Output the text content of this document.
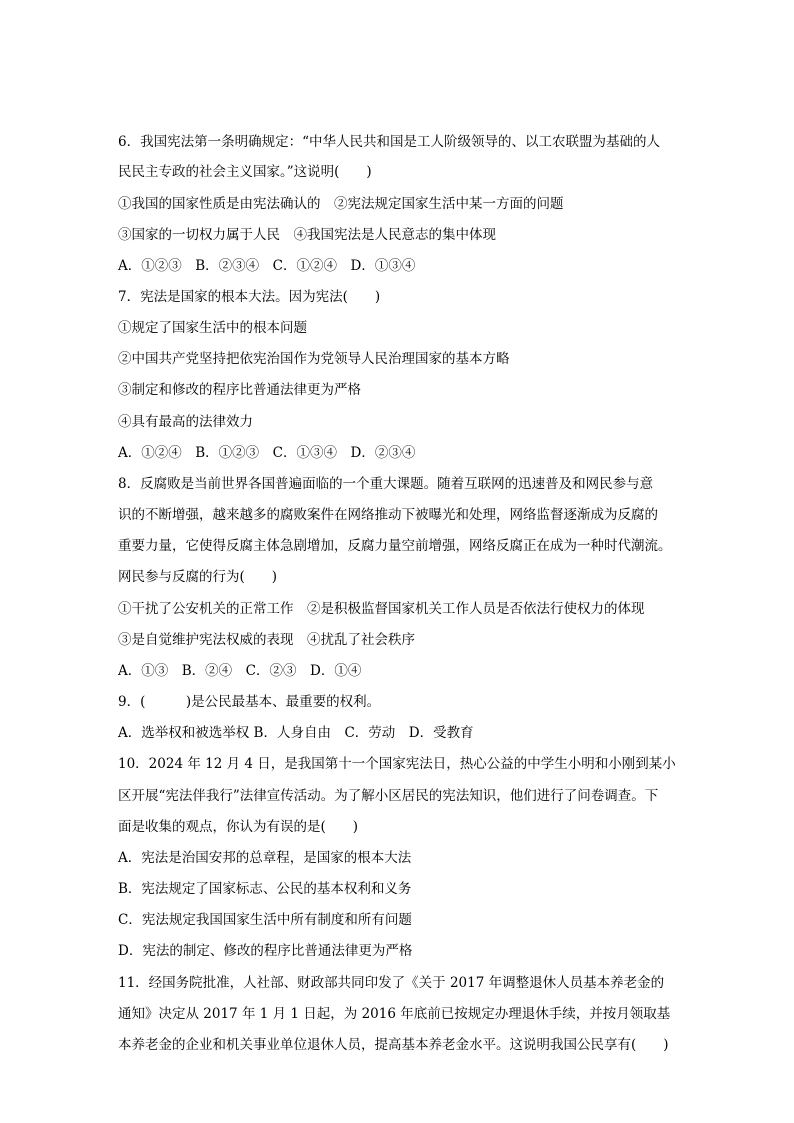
6．我国宪法第一条明确规定：“中华人民共和国是工人阶级领导的、以工农联盟为基础的人
民民主专政的社会主义国家。”这说明(　　)
①我国的国家性质是由宪法确认的　②宪法规定国家生活中某一方面的问题
③国家的一切权力属于人民　④我国宪法是人民意志的集中体现
A．①②③　B．②③④　C．①②④　D．①③④
7．宪法是国家的根本大法。因为宪法(　　)
①规定了国家生活中的根本问题
②中国共产党坚持把依宪治国作为党领导人民治理国家的基本方略
③制定和修改的程序比普通法律更为严格
④具有最高的法律效力
A．①②④　B．①②③　C．①③④　D．②③④
8．反腐败是当前世界各国普遍面临的一个重大课题。随着互联网的迅速普及和网民参与意
识的不断增强，越来越多的腐败案件在网络推动下被曝光和处理，网络监督逐渐成为反腐的
重要力量，它使得反腐主体急剧增加，反腐力量空前增强，网络反腐正在成为一种时代潮流。
网民参与反腐的行为(　　)
①干扰了公安机关的正常工作　②是积极监督国家机关工作人员是否依法行使权力的体现
③是自觉维护宪法权威的表现　④扰乱了社会秩序
A．①③　B．②④　C．②③　D．①④
9．(　　　)是公民最基本、最重要的权利。
A．选举权和被选举权 B．人身自由　C．劳动　D．受教育
10．2024 年 12 月 4 日，是我国第十一个国家宪法日，热心公益的中学生小明和小刚到某小
区开展“宪法伴我行”法律宣传活动。为了解小区居民的宪法知识，他们进行了问卷调查。下
面是收集的观点，你认为有误的是(　　)
A．宪法是治国安邦的总章程，是国家的根本大法
B．宪法规定了国家标志、公民的基本权利和义务
C．宪法规定我国国家生活中所有制度和所有问题
D．宪法的制定、修改的程序比普通法律更为严格
11．经国务院批准，人社部、财政部共同印发了《关于 2017 年调整退休人员基本养老金的
通知》决定从 2017 年 1 月 1 日起，为 2016 年底前已按规定办理退休手续，并按月领取基
本养老金的企业和机关事业单位退休人员，提高基本养老金水平。这说明我国公民享有(　　)
